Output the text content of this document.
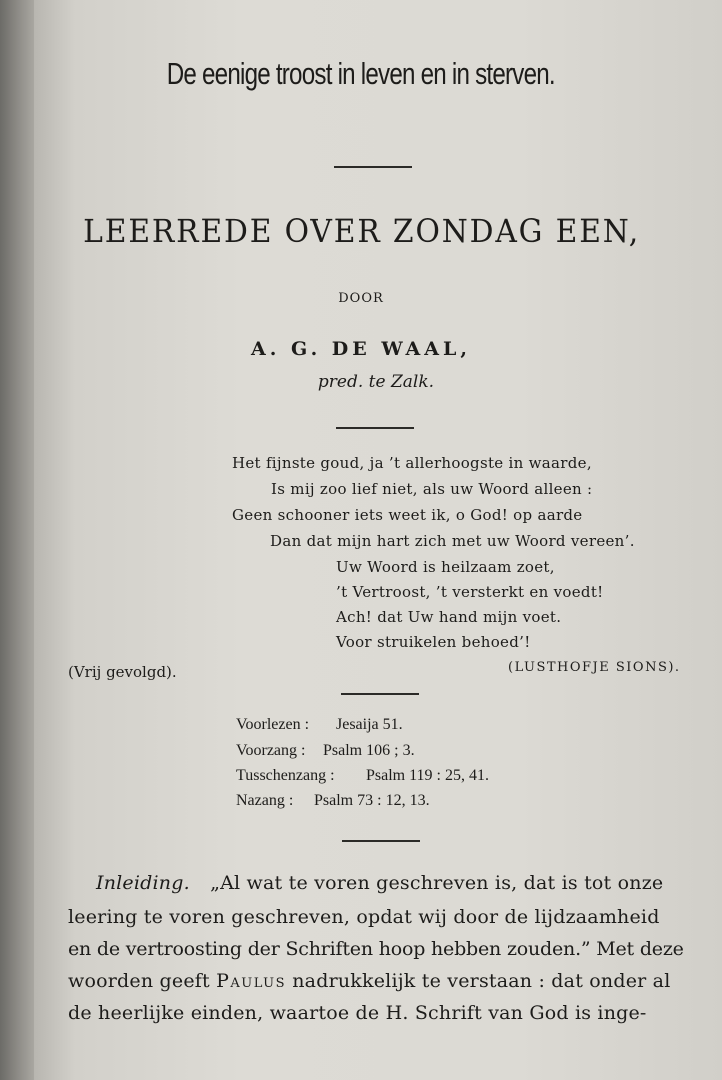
De eenige troost in leven en in sterven.
LEERREDE OVER ZONDAG EEN,
DOOR
A. G. DE WAAL,
pred. te Zalk.
Het fijnste goud, ja ’t allerhoogste in waarde,
Is mij zoo lief niet, als uw Woord alleen :
Geen schooner iets weet ik, o God! op aarde
Dan dat mijn hart zich met uw Woord vereen’.
Uw Woord is heilzaam zoet,
’t Vertroost, ’t versterkt en voedt!
Ach! dat Uw hand mijn voet.
Voor struikelen behoed’!
(Vrij gevolgd).	(LUSTHOFJE SIONS).
Voorlezen : Jesaija 51.
Voorzang : Psalm 106 ; 3.
Tusschenzang : Psalm 119 : 25, 41.
Nazang : Psalm 73 : 12, 13.
Inleiding. „Al wat te voren geschreven is, dat is tot onze
leering te voren geschreven, opdat wij door de lijdzaamheid
en de vertroosting der Schriften hoop hebben zouden.” Met deze
woorden geeft Paulus nadrukkelijk te verstaan : dat onder al
de heerlijke einden, waartoe de H. Schrift van God is inge-
